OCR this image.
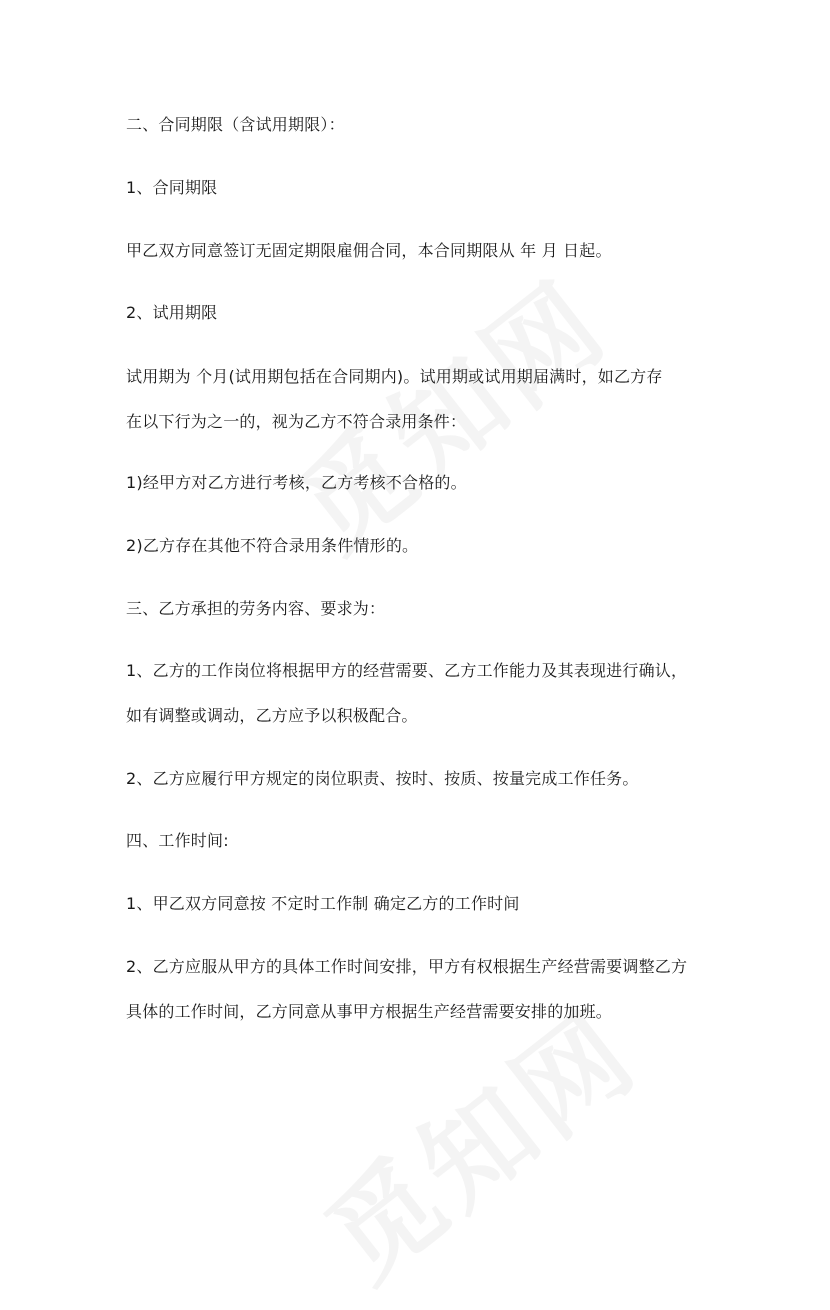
二、合同期限（含试用期限）：
1、合同期限
甲乙双方同意签订无固定期限雇佣合同，本合同期限从 年 月 日起。
2、试用期限
试用期为 个月(试用期包括在合同期内)。试用期或试用期届满时，如乙方存
在以下行为之一的，视为乙方不符合录用条件：
1)经甲方对乙方进行考核，乙方考核不合格的。
2)乙方存在其他不符合录用条件情形的。
三、乙方承担的劳务内容、要求为：
1、乙方的工作岗位将根据甲方的经营需要、乙方工作能力及其表现进行确认，
如有调整或调动，乙方应予以积极配合。
2、乙方应履行甲方规定的岗位职责、按时、按质、按量完成工作任务。
四、工作时间:
1、甲乙双方同意按 不定时工作制 确定乙方的工作时间
2、乙方应服从甲方的具体工作时间安排，甲方有权根据生产经营需要调整乙方
具体的工作时间，乙方同意从事甲方根据生产经营需要安排的加班。
